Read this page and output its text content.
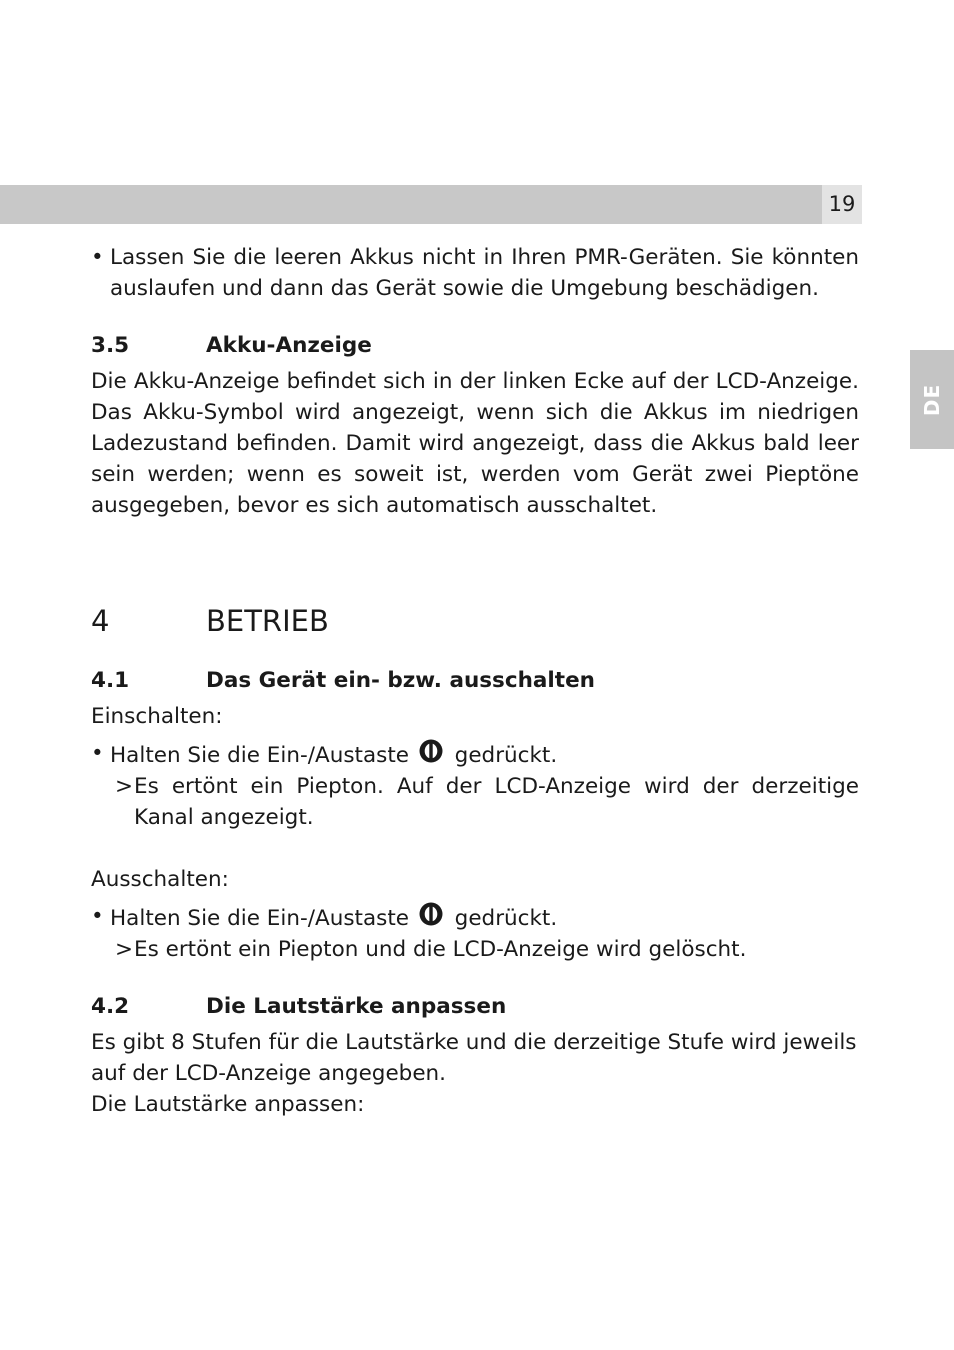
19
DE

• Lassen Sie die leeren Akkus nicht in Ihren PMR-Geräten. Sie könnten auslaufen und dann das Gerät sowie die Umgebung beschädigen.

3.5	Akku-Anzeige

Die Akku-Anzeige befindet sich in der linken Ecke auf der LCD-Anzeige. Das Akku-Symbol wird angezeigt, wenn sich die Akkus im niedrigen Ladezustand befinden. Damit wird angezeigt, dass die Akkus bald leer sein werden; wenn es soweit ist, werden vom Gerät zwei Pieptöne ausgegeben, bevor es sich automatisch ausschaltet.

4	BETRIEB
4.1	Das Gerät ein- bzw. ausschalten

Einschalten:

• Halten Sie die Ein-/Austaste gedrückt.

> Es ertönt ein Piepton. Auf der LCD-Anzeige wird der derzeitige Kanal angezeigt.

Ausschalten:

• Halten Sie die Ein-/Austaste gedrückt.

> Es ertönt ein Piepton und die LCD-Anzeige wird gelöscht.

4.2	Die Lautstärke anpassen

Es gibt 8 Stufen für die Lautstärke und die derzeitige Stufe wird jeweils auf der LCD-Anzeige angegeben.

Die Lautstärke anpassen:
